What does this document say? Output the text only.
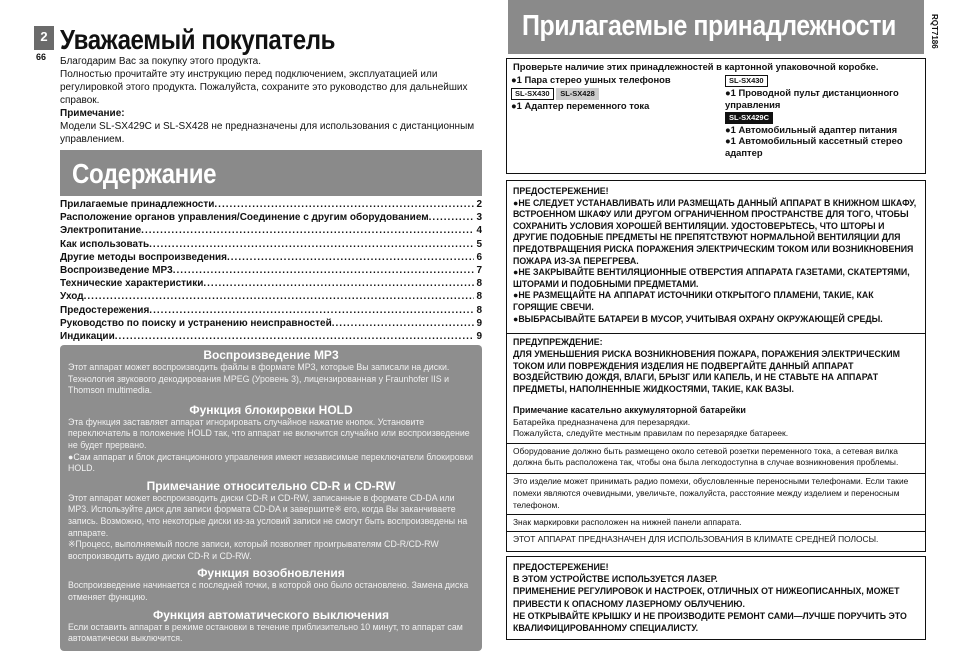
2
66
Уважаемый покупатель

Благодарим Вас за покупку этого продукта.

Полностью прочитайте эту инструкцию перед подключением, эксплуатацией или регулировкой этого продукта. Пожалуйста, сохраните это руководство для дальнейших справок.

Примечание:

Модели SL-SX429C и SL-SX428 не предназначены для использования с дистанционным управлением.

Содержание
Прилагаемые принадлежности .....	2
Расположение органов управления/Соединение с другим оборудованием .....	3
Электропитание .....	4
Как использовать .....	5
Другие методы воспроизведения .....	6
Воспроизведение MP3 .....	7
Технические характеристики .....	8
Уход .....	8
Предостережения .....	8
Руководство по поиску и устранению неисправностей .....	9
Индикации .....	9

Воспроизведение MP3

Этот аппарат может воспроизводить файлы в формате MP3, которые Вы записали на диски. Технология звукового декодирования MPEG (Уровень 3), лицензированная у Fraunhofer IIS и Thomson multimedia.

Функция блокировки HOLD

Эта функция заставляет аппарат игнорировать случайное нажатие кнопок. Установите переключатель в положение HOLD так, что аппарат не включится случайно или воспроизведение не будет прервано.

●Сам аппарат и блок дистанционного управления имеют независимые переключатели блокировки HOLD.

Примечание относительно CD-R и CD-RW

Этот аппарат может воспроизводить диски CD-R и CD-RW, записанные в формате CD-DA или MP3. Используйте диск для записи формата CD-DA и завершите※ его, когда Вы заканчиваете запись. Возможно, что некоторые диски из-за условий записи не смогут быть воспроизведены на аппарате.

※Процесс, выполняемый после записи, который позволяет проигрывателям CD-R/CD-RW воспроизводить аудио диски CD-R и CD-RW.

Функция возобновления

Воспроизведение начинается с последней точки, в которой оно было остановлено. Замена диска отменяет функцию.

Функция автоматического выключения

Если оставить аппарат в режиме остановки в течение приблизительно 10 минут, то аппарат сам автоматически выключится.

Прилагаемые принадлежности	RQT7186
Проверьте наличие этих принадлежностей в картонной упаковочной коробке.
●1 Пара стерео ушных телефонов
SL-SX430 SL-SX428
●1 Адаптер переменного тока
SL-SX430
●1 Проводной пульт дистанционного управления
SL-SX429C
●1 Автомобильный адаптер питания
●1 Автомобильный кассетный стерео адаптер
ПРЕДОСТЕРЕЖЕНИЕ!
●НЕ СЛЕДУЕТ УСТАНАВЛИВАТЬ ИЛИ РАЗМЕЩАТЬ ДАННЫЙ АППАРАТ В КНИЖНОМ ШКАФУ, ВСТРОЕННОМ ШКАФУ ИЛИ ДРУГОМ ОГРАНИЧЕННОМ ПРОСТРАНСТВЕ ДЛЯ ТОГО, ЧТОБЫ СОХРАНИТЬ УСЛОВИЯ ХОРОШЕЙ ВЕНТИЛЯЦИИ. УДОСТОВЕРЬТЕСЬ, ЧТО ШТОРЫ И ДРУГИЕ ПОДОБНЫЕ ПРЕДМЕТЫ НЕ ПРЕПЯТСТВУЮТ НОРМАЛЬНОЙ ВЕНТИЛЯЦИИ ДЛЯ ПРЕДОТВРАЩЕНИЯ РИСКА ПОРАЖЕНИЯ ЭЛЕКТРИЧЕСКИМ ТОКОМ ИЛИ ВОЗНИКНОВЕНИЯ ПОЖАРА ИЗ-ЗА ПЕРЕГРЕВА.
●НЕ ЗАКРЫВАЙТЕ ВЕНТИЛЯЦИОННЫЕ ОТВЕРСТИЯ АППАРАТА ГАЗЕТАМИ, СКАТЕРТЯМИ, ШТОРАМИ И ПОДОБНЫМИ ПРЕДМЕТАМИ.
●НЕ РАЗМЕЩАЙТЕ НА АППАРАТ ИСТОЧНИКИ ОТКРЫТОГО ПЛАМЕНИ, ТАКИЕ, КАК ГОРЯЩИЕ СВЕЧИ.
●ВЫБРАСЫВАЙТЕ БАТАРЕИ В МУСОР, УЧИТЫВАЯ ОХРАНУ ОКРУЖАЮЩЕЙ СРЕДЫ.
ПРЕДУПРЕЖДЕНИЕ:
ДЛЯ УМЕНЬШЕНИЯ РИСКА ВОЗНИКНОВЕНИЯ ПОЖАРА, ПОРАЖЕНИЯ ЭЛЕКТРИЧЕСКИМ ТОКОМ ИЛИ ПОВРЕЖДЕНИЯ ИЗДЕЛИЯ НЕ ПОДВЕРГАЙТЕ ДАННЫЙ АППАРАТ ВОЗДЕЙСТВИЮ ДОЖДЯ, ВЛАГИ, БРЫЗГ ИЛИ КАПЕЛЬ, И НЕ СТАВЬТЕ НА АППАРАТ ПРЕДМЕТЫ, НАПОЛНЕННЫЕ ЖИДКОСТЯМИ, ТАКИЕ, КАК ВАЗЫ.
Примечание касательно аккумуляторной батарейки
Батарейка предназначена для перезарядки.
Пожалуйста, следуйте местным правилам по перезарядке батареек.
Оборудование должно быть размещено около сетевой розетки переменного тока, а сетевая вилка должна быть расположена так, чтобы она была легкодоступна в случае возникновения проблемы.
Это изделие может принимать радио помехи, обусловленные переносными телефонами. Если такие помехи являются очевидными, увеличьте, пожалуйста, расстояние между изделием и переносным телефоном.
Знак маркировки расположен на нижней панели аппарата.
ЭТОТ АППАРАТ ПРЕДНАЗНАЧЕН ДЛЯ ИСПОЛЬЗОВАНИЯ В КЛИМАТЕ СРЕДНЕЙ ПОЛОСЫ.
ПРЕДОСТЕРЕЖЕНИЕ!
В ЭТОМ УСТРОЙСТВЕ ИСПОЛЬЗУЕТСЯ ЛАЗЕР.
ПРИМЕНЕНИЕ РЕГУЛИРОВОК И НАСТРОЕК, ОТЛИЧНЫХ ОТ НИЖЕОПИСАННЫХ, МОЖЕТ ПРИВЕСТИ К ОПАСНОМУ ЛАЗЕРНОМУ ОБЛУЧЕНИЮ.
НЕ ОТКРЫВАЙТЕ КРЫШКУ И НЕ ПРОИЗВОДИТЕ РЕМОНТ САМИ—ЛУЧШЕ ПОРУЧИТЬ ЭТО КВАЛИФИЦИРОВАННОМУ СПЕЦИАЛИСТУ.
